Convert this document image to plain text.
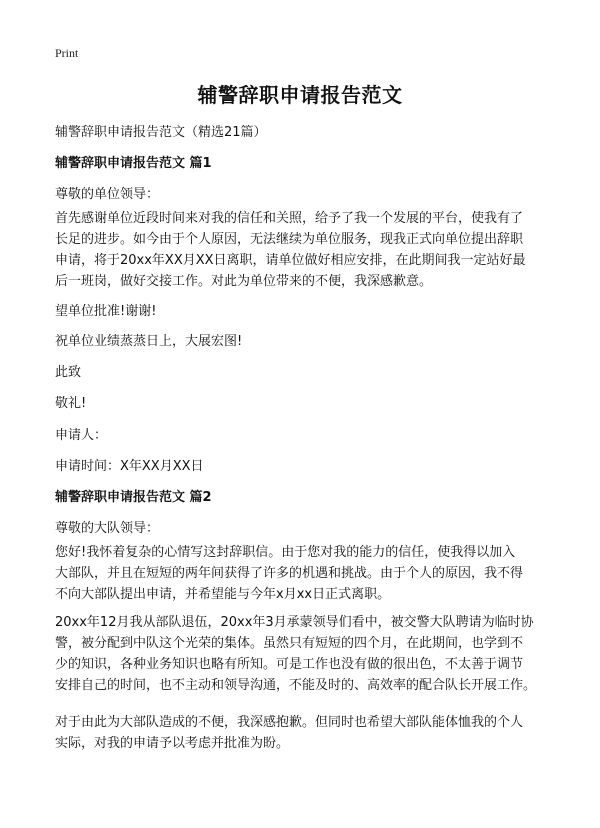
Print
辅警辞职申请报告范文
辅警辞职申请报告范文（精选21篇）
辅警辞职申请报告范文 篇1
尊敬的单位领导：

首先感谢单位近段时间来对我的信任和关照，给予了我一个发展的平台，使我有了
长足的进步。如今由于个人原因，无法继续为单位服务，现我正式向单位提出辞职
申请，将于20xx年XX月XX日离职，请单位做好相应安排，在此期间我一定站好最
后一班岗，做好交接工作。对此为单位带来的不便，我深感歉意。

望单位批准!谢谢!
祝单位业绩蒸蒸日上，大展宏图!
此致
敬礼!
申请人：
申请时间：X年XX月XX日
辅警辞职申请报告范文 篇2
尊敬的大队领导：

您好!我怀着复杂的心情写这封辞职信。由于您对我的能力的信任，使我得以加入
大部队，并且在短短的两年间获得了许多的机遇和挑战。由于个人的原因，我不得
不向大部队提出申请，并希望能与今年x月xx日正式离职。

20xx年12月我从部队退伍，20xx年3月承蒙领导们看中，被交警大队聘请为临时协
警，被分配到中队这个光荣的集体。虽然只有短短的四个月，在此期间，也学到不
少的知识，各种业务知识也略有所知。可是工作也没有做的很出色，不太善于调节
安排自己的时间，也不主动和领导沟通，不能及时的、高效率的配合队长开展工作。

对于由此为大部队造成的不便，我深感抱歉。但同时也希望大部队能体恤我的个人
实际，对我的申请予以考虑并批准为盼。
